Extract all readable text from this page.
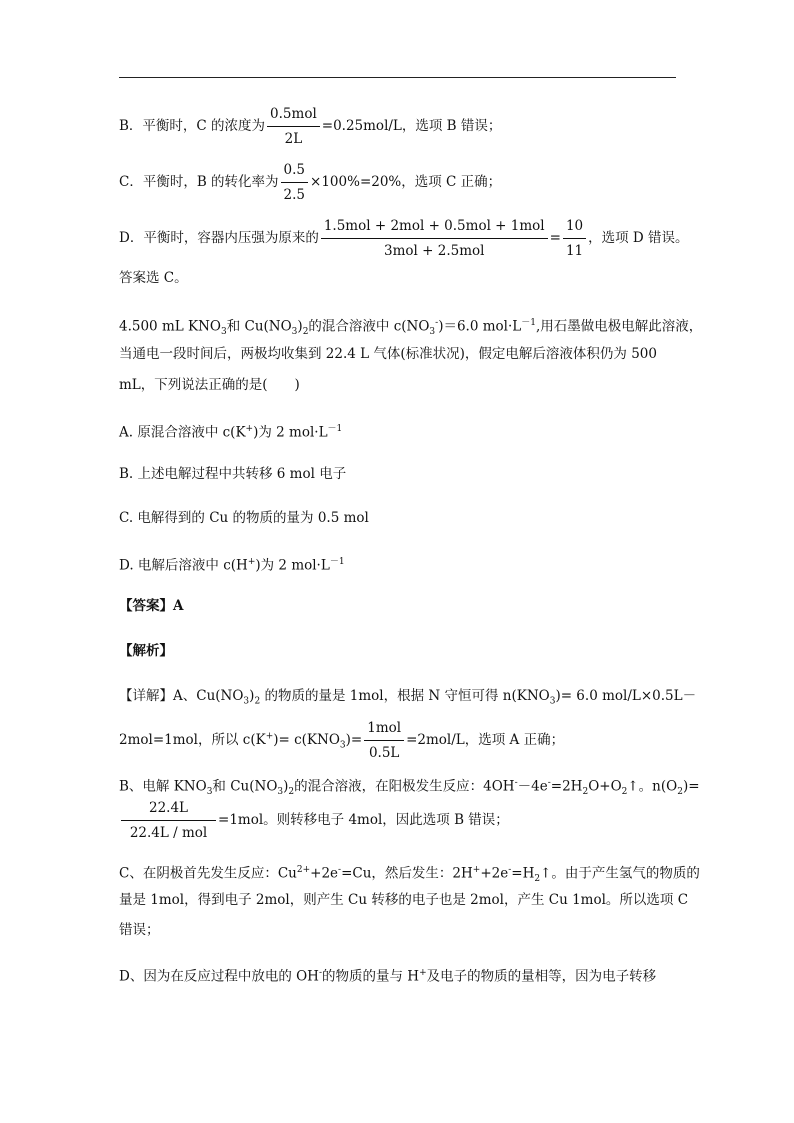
B．平衡时，C 的浓度为 $\frac{\text{0.5mol}}{2L} =0.25mol/L$，选项 B 错误；
C．平衡时，B 的转化率为 $\frac{0.5}{2.5} \times 100\%=20\%$，选项 C 正确；
D．平衡时，容器内压强为原来的 $\frac{\text{1.5mol + 2mol + 0.5mol + 1mol}}{\text{3mol + 2.5mol}} = \frac{10}{11}$ ，选项 D 错误。
答案选 C。
4.500 mL $KNO_3$和 $Cu(NO_3)_2$的混合溶液中 $c(NO_3^-)=6.0$ $mol\cdot L^{-1}$,用石墨做电极电解此溶液，
当通电一段时间后，两极均收集到 22.4 L 气体(标准状况)，假定电解后溶液体积仍为 500
mL，下列说法正确的是(　　)
A. 原混合溶液中 c(K+)为 2 $mol\cdot L^{-1}$
B. 上述电解过程中共转移 6 mol 电子
C. 电解得到的 Cu 的物质的量为 0.5 mol
D. 电解后溶液中 c(H+)为 2 $mol\cdot L^{-1}$
【答案】A
【解析】
【详解】A、$Cu(NO_3)_2$ 的物质的量是 1mol，根据 N 守恒可得 $n(KNO_3)= 6.0$ mol/L×0.5L－
2mol=1mol，所以 $c(K^+)= c(KNO_3)= \frac{\text{1mol}}{0.5L} =2mol/L$，选项 A 正确；
B、电解 $KNO_3$和 $Cu(NO_3)_2$的混合溶液，在阳极发生反应：$4OH^--4e^-=2H_2O+O_2↑$。$n(O_2)=$
$\frac{22.4L}{\text{22.4L / mol}} =1mol$。则转移电子 4mol，因此选项 B 错误；
C、在阴极首先发生反应：$Cu^{2+}+2e^-=Cu$，然后发生：$2H^++2e^-=H_2↑$。由于产生氢气的物质的
量是 1mol，得到电子 2mol，则产生 Cu 转移的电子也是 2mol，产生 Cu 1mol。所以选项 C
错误；
D、因为在反应过程中放电的 OH-的物质的量与 H+及电子的物质的量相等，因为电子转移
